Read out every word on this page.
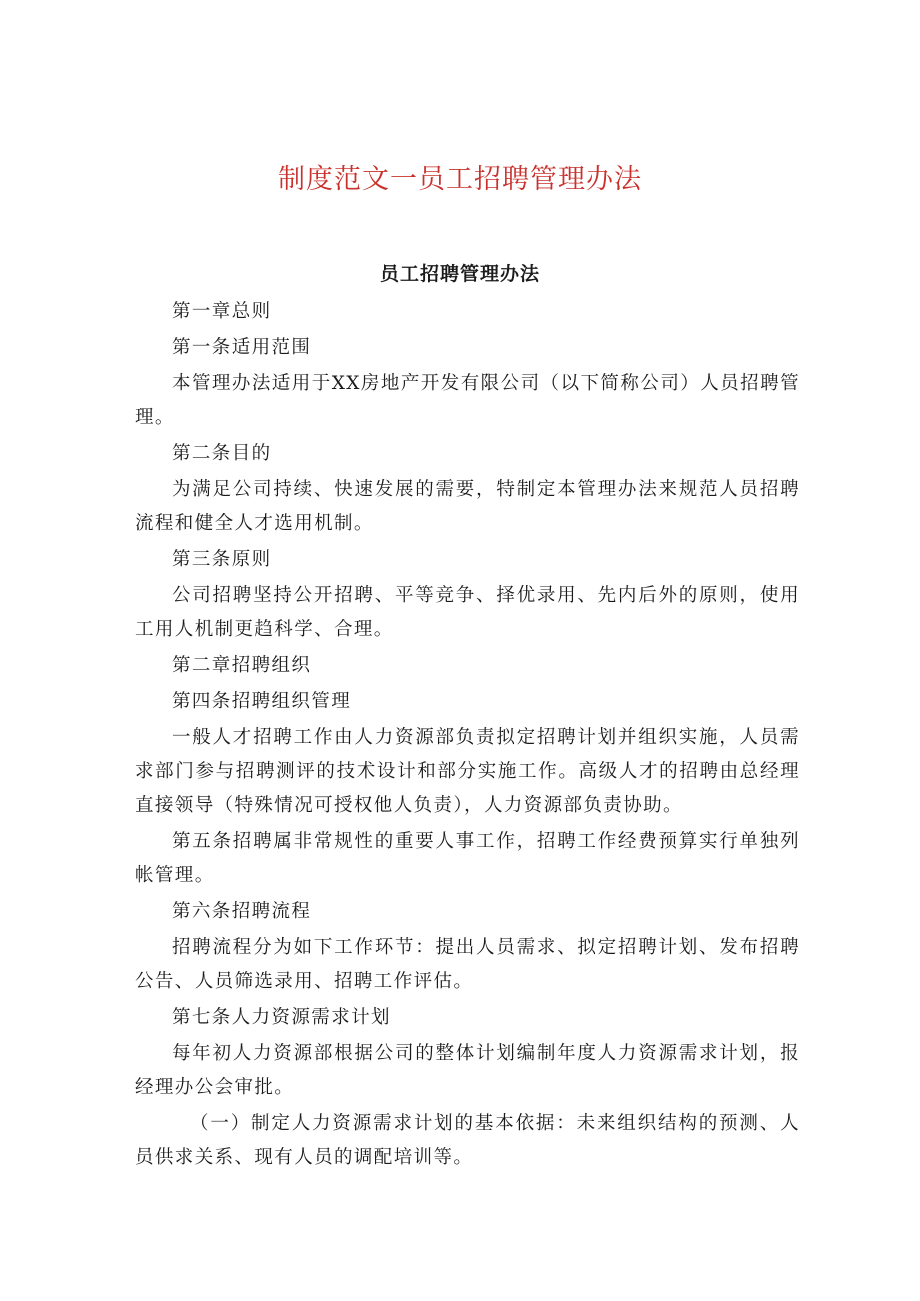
制度范文一员工招聘管理办法
员工招聘管理办法

第一章总则

第一条适用范围

本管理办法适用于XX房地产开发有限公司（以下简称公司）人员招聘管理。

第二条目的

为满足公司持续、快速发展的需要，特制定本管理办法来规范人员招聘流程和健全人才选用机制。

第三条原则

公司招聘坚持公开招聘、平等竞争、择优录用、先内后外的原则，使用工用人机制更趋科学、合理。

第二章招聘组织

第四条招聘组织管理

一般人才招聘工作由人力资源部负责拟定招聘计划并组织实施，人员需求部门参与招聘测评的技术设计和部分实施工作。高级人才的招聘由总经理直接领导（特殊情况可授权他人负责），人力资源部负责协助。

第五条招聘属非常规性的重要人事工作，招聘工作经费预算实行单独列帐管理。

第六条招聘流程

招聘流程分为如下工作环节：提出人员需求、拟定招聘计划、发布招聘公告、人员筛选录用、招聘工作评估。

第七条人力资源需求计划

每年初人力资源部根据公司的整体计划编制年度人力资源需求计划，报经理办公会审批。

（一）制定人力资源需求计划的基本依据：未来组织结构的预测、人员供求关系、现有人员的调配培训等。
